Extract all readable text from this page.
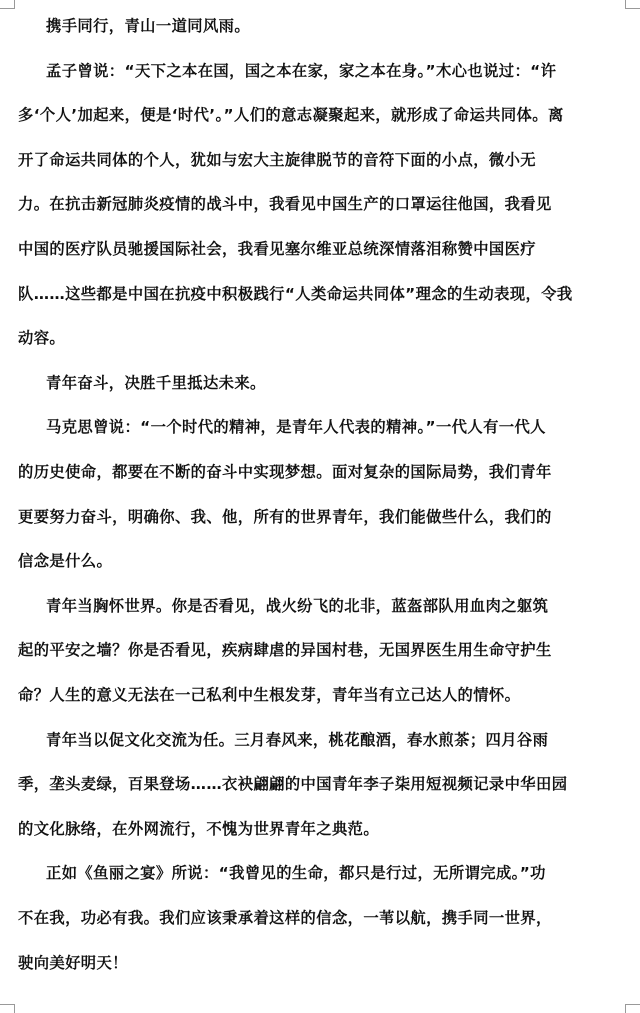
携手同行，青山一道同风雨。
孟子曾说：“天下之本在国，国之本在家，家之本在身。”木心也说过：“许
多‘个人’加起来，便是‘时代’。”人们的意志凝聚起来，就形成了命运共同体。离
开了命运共同体的个人，犹如与宏大主旋律脱节的音符下面的小点，微小无
力。在抗击新冠肺炎疫情的战斗中，我看见中国生产的口罩运往他国，我看见
中国的医疗队员驰援国际社会，我看见塞尔维亚总统深情落泪称赞中国医疗
队……这些都是中国在抗疫中积极践行“人类命运共同体”理念的生动表现，令我
动容。
青年奋斗，决胜千里抵达未来。
马克思曾说：“一个时代的精神，是青年人代表的精神。”一代人有一代人
的历史使命，都要在不断的奋斗中实现梦想。面对复杂的国际局势，我们青年
更要努力奋斗，明确你、我、他，所有的世界青年，我们能做些什么，我们的
信念是什么。
青年当胸怀世界。你是否看见，战火纷飞的北非，蓝盔部队用血肉之躯筑
起的平安之墙？你是否看见，疾病肆虐的异国村巷，无国界医生用生命守护生
命？人生的意义无法在一己私利中生根发芽，青年当有立己达人的情怀。
青年当以促文化交流为任。三月春风来，桃花酿酒，春水煎茶；四月谷雨
季，垄头麦绿，百果登场……衣袂翩翩的中国青年李子柒用短视频记录中华田园
的文化脉络，在外网流行，不愧为世界青年之典范。
正如《鱼丽之宴》所说：“我曾见的生命，都只是行过，无所谓完成。”功
不在我，功必有我。我们应该秉承着这样的信念，一苇以航，携手同一世界，
驶向美好明天！
